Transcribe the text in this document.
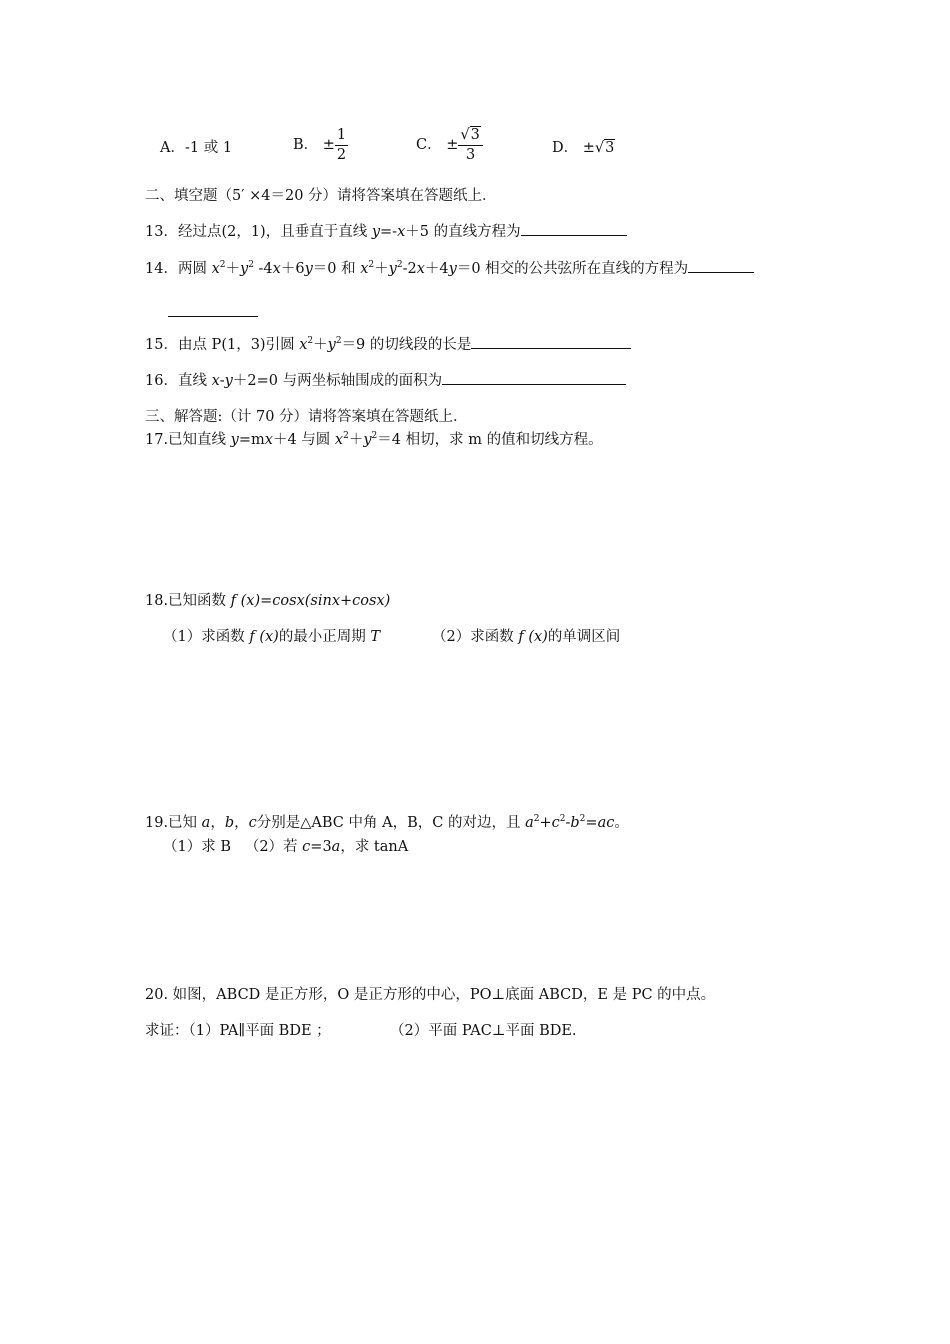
A．-1 或 1	B． ± $\frac{1}{2}$	C． ± $\frac{√3}{3}$	D． ±√3
二、填空题（5′ ×4＝20 分）请将答案填在答题纸上．
13．经过点(2，1)，且垂直于直线 y=-x＋5 的直线方程为
14．两圆 $x^2+y^2$ -4x＋6y＝0 和 $x^2+y^2-2x+4y=0$ 相交的公共弦所在直线的方程为
15．由点 P(1，3)引圆 $x^2+y^2=9$ 的切线段的长是
16．直线 x-y＋2=0 与两坐标轴围成的面积为
三、解答题:（计 70 分）请将答案填在答题纸上．
17.已知直线 y=mx＋4 与圆 $x^2+y^2=4$ 相切，求 m 的值和切线方程。
18.已知函数 f (x)=cosx(sinx+cosx)
（1）求函数 f (x)的最小正周期 T	（2）求函数 f (x)的单调区间
19.已知 a，b，c分别是△ABC 中角 A，B，C 的对边，且 $a^2+c^2-b^2=ac$。
（1）求 B （2）若 c=3a，求 tanA
20. 如图，ABCD 是正方形，O 是正方形的中心，PO⊥底面 ABCD，E 是 PC 的中点。
求证：（1）PA∥平面 BDE ；	（2）平面 PAC⊥平面 BDE.
